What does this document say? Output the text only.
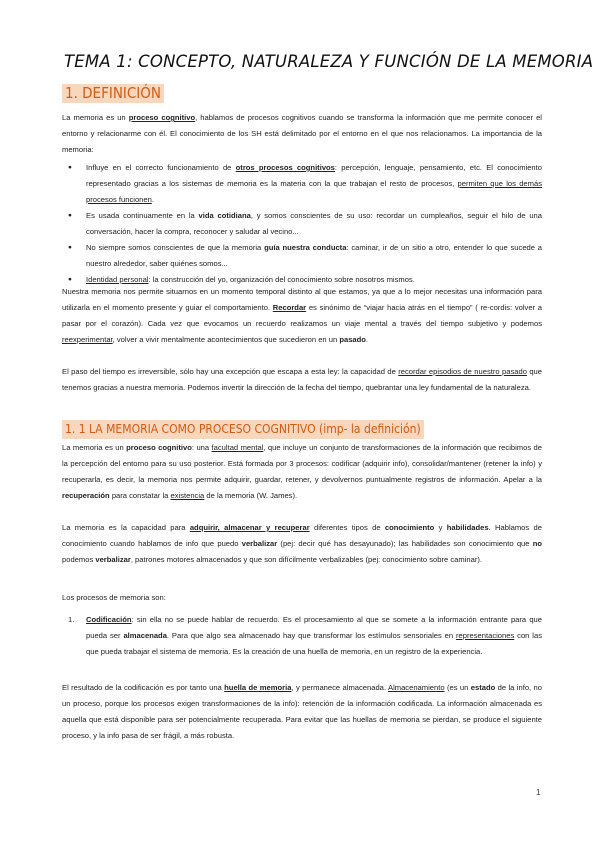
TEMA 1: CONCEPTO, NATURALEZA Y FUNCIÓN DE LA MEMORIA
1. DEFINICIÓN
La memoria es un proceso cognitivo, hablamos de procesos cognitivos cuando se transforma la información que me permite conocer el entorno y relacionarme con él. El conocimiento de los SH está delimitado por el entorno en el que nos relacionamos. La importancia de la memoria:
● Influye en el correcto funcionamiento de otros procesos cognitivos: percepción, lenguaje, pensamiento, etc. El conocimiento representado gracias a los sistemas de memoria es la materia con la que trabajan el resto de procesos, permiten que los demás procesos funcionen.
● Es usada continuamente en la vida cotidiana, y somos conscientes de su uso: recordar un cumpleaños, seguir el hilo de una conversación, hacer la compra, reconocer y saludar al vecino...
● No siempre somos conscientes de que la memoria guía nuestra conducta: caminar, ir de un sitio a otro, entender lo que sucede a nuestro alrededor, saber quiénes somos...
● Identidad personal: la construcción del yo, organización del conocimiento sobre nosotros mismos.
Nuestra memoria nos permite situarnos en un momento temporal distinto al que estamos, ya que a lo mejor necesitas una información para utilizarla en el momento presente y guiar el comportamiento. Recordar es sinónimo de “viajar hacia atrás en el tiempo” ( re-cordis: volver a pasar por el corazón). Cada vez que evocamos un recuerdo realizamos un viaje mental a través del tiempo subjetivo y podemos reexperimentar, volver a vivir mentalmente acontecimientos que sucedieron en un pasado.
El paso del tiempo es irreversible, sólo hay una excepción que escapa a esta ley: la capacidad de recordar episodios de nuestro pasado que tenemos gracias a nuestra memoria. Podemos invertir la dirección de la fecha del tiempo, quebrantar una ley fundamental de la naturaleza.
1. 1 LA MEMORIA COMO PROCESO COGNITIVO (imp- la definición)
La memoria es un proceso cognitivo: una facultad mental, que incluye un conjunto de transformaciones de la información que recibimos de la percepción del entorno para su uso posterior. Está formada por 3 procesos: codificar (adquirir info), consolidar/mantener (retener la info) y recuperarla, es decir, la memoria nos permite adquirir, guardar, retener, y devolvernos puntualmente registros de información. Apelar a la recuperación para constatar la existencia de la memoria (W. James).
La memoria es la capacidad para adquirir, almacenar y recuperar diferentes tipos de conocimiento y habilidades. Hablamos de conocimiento cuando hablamos de info que puedo verbalizar (pej: decir qué has desayunado); las habilidades son conocimiento que no podemos verbalizar, patrones motores almacenados y que son difícilmente verbalizables (pej: conocimiento sobre caminar).
Los procesos de memoria son:
1. Codificación: sin ella no se puede hablar de recuerdo. Es el procesamiento al que se somete a la información entrante para que pueda ser almacenada. Para que algo sea almacenado hay que transformar los estímulos sensoriales en representaciones con las que pueda trabajar el sistema de memoria. Es la creación de una huella de memoria, en un registro de la experiencia.
El resultado de la codificación es por tanto una huella de memoria, y permanece almacenada. Almacenamiento (es un estado de la info, no un proceso, porque los procesos exigen transformaciones de la info): retención de la información codificada. La información almacenada es aquella que está disponible para ser potencialmente recuperada. Para evitar que las huellas de memoria se pierdan, se produce el siguiente proceso, y la info pasa de ser frágil, a más robusta.
1
